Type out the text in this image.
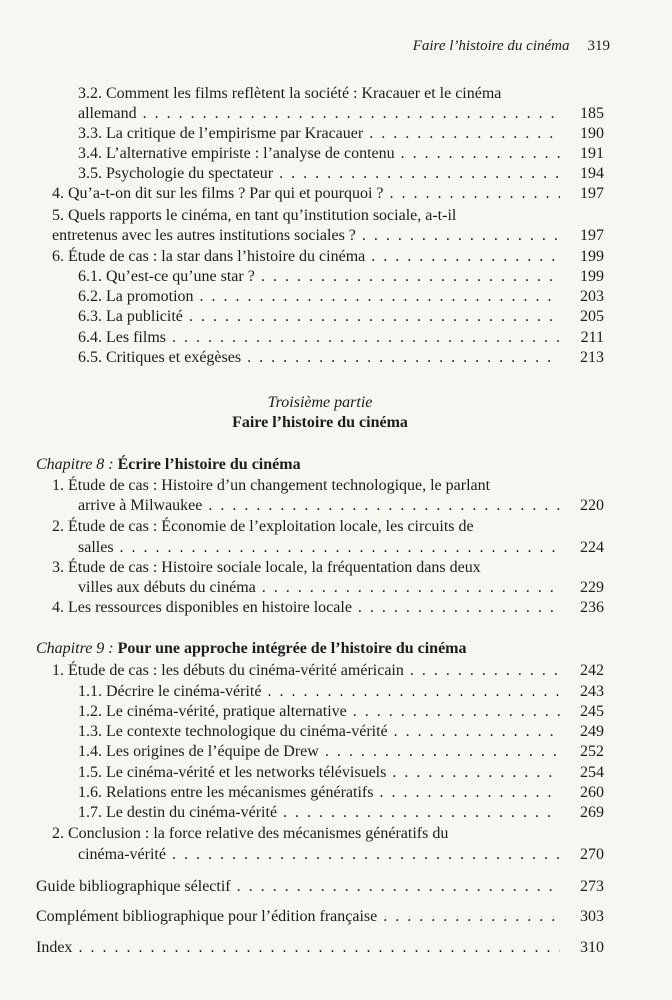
Faire l’histoire du cinéma 319
Troisième partie
Faire l’histoire du cinéma
Chapitre 8 : Écrire l’histoire du cinéma
Chapitre 9 : Pour une approche intégrée de l’histoire du cinéma
3.2. Comment les films reflètent la société : Kracauer et le cinéma
allemand . . .	185
3.3. La critique de l’empirisme par Kracauer . . .	190
3.4. L’alternative empiriste : l’analyse de contenu . . .	191
3.5. Psychologie du spectateur . . .	194
4. Qu’a-t-on dit sur les films ? Par qui et pourquoi ? . . .	197
5. Quels rapports le cinéma, en tant qu’institution sociale, a-t-il
entretenus avec les autres institutions sociales ? . . .	197
6. Étude de cas : la star dans l’histoire du cinéma . . .	199
6.1. Qu’est-ce qu’une star ? . . .	199
6.2. La promotion . . .	203
6.3. La publicité . . .	205
6.4. Les films . . .	211
6.5. Critiques et exégèses . . .	213
1. Étude de cas : Histoire d’un changement technologique, le parlant
arrive à Milwaukee . . .	220
2. Étude de cas : Économie de l’exploitation locale, les circuits de
salles . . .	224
3. Étude de cas : Histoire sociale locale, la fréquentation dans deux
villes aux débuts du cinéma . . .	229
4. Les ressources disponibles en histoire locale . . .	236
1. Étude de cas : les débuts du cinéma-vérité américain . . .	242
1.1. Décrire le cinéma-vérité . . .	243
1.2. Le cinéma-vérité, pratique alternative . . .	245
1.3. Le contexte technologique du cinéma-vérité . . .	249
1.4. Les origines de l’équipe de Drew . . .	252
1.5. Le cinéma-vérité et les networks télévisuels . . .	254
1.6. Relations entre les mécanismes génératifs . . .	260
1.7. Le destin du cinéma-vérité . . .	269
2. Conclusion : la force relative des mécanismes génératifs du
cinéma-vérité . . .	270
Guide bibliographique sélectif . . .	273
Complément bibliographique pour l’édition française . . .	303
Index . . .	310
